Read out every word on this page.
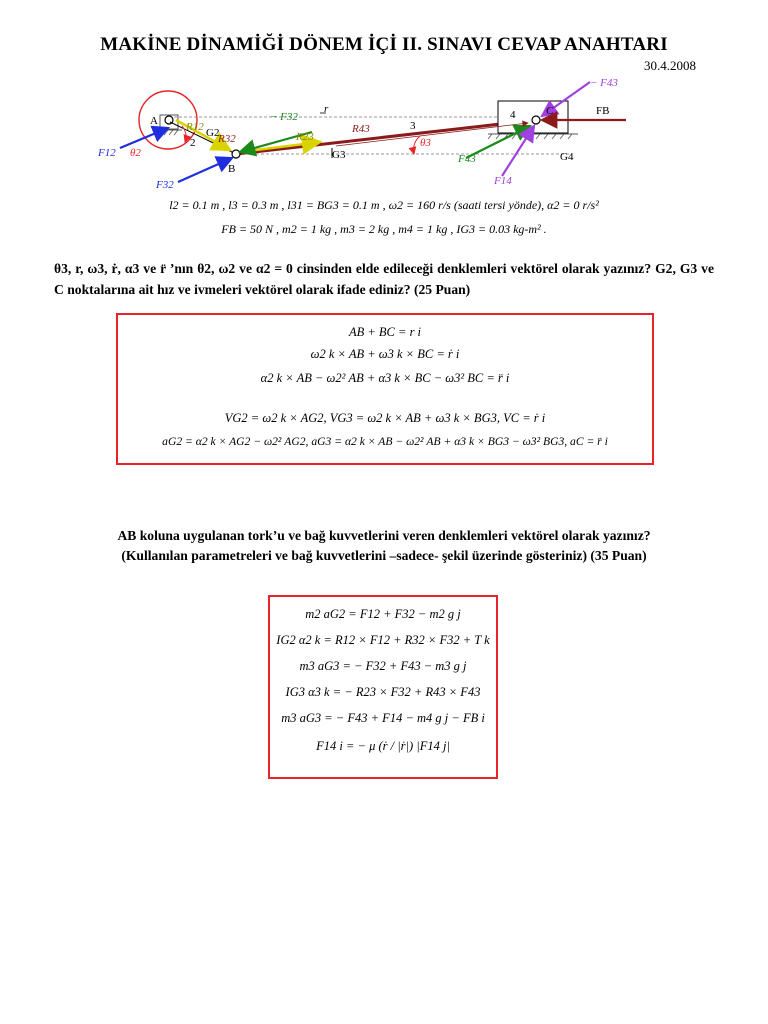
MAKİNE DİNAMİĞİ DÖNEM İÇİ II. SINAVI CEVAP ANAHTARI
30.4.2008
A
B
C
G2
G3	G4
2
3
4
r
θ2
θ3
F12
F32
− F32
R12
R32	R23
R43
F43
− F43
F14
FB
l2 = 0.1 m , l3 = 0.3 m , l31 = BG3 = 0.1 m , ω2 = 160 r/s (saati tersi yönde), α2 = 0 r/s²
FB = 50 N , m2 = 1 kg , m3 = 2 kg , m4 = 1 kg , IG3 = 0.03 kg-m² .
θ3, r, ω3, ṙ, α3 ve r̈ ’nın θ2, ω2 ve α2 = 0 cinsinden elde edileceği denklemleri vektörel olarak yazınız? G2, G3 ve C noktalarına ait hız ve ivmeleri vektörel olarak ifade ediniz? (25 Puan)
AB + BC = r i
ω2 k × AB + ω3 k × BC = ṙ i
α2 k × AB − ω2² AB + α3 k × BC − ω3² BC = r̈ i
VG2 = ω2 k × AG2, VG3 = ω2 k × AB + ω3 k × BG3, VC = ṙ i
aG2 = α2 k × AG2 − ω2² AG2, aG3 = α2 k × AB − ω2² AB + α3 k × BG3 − ω3² BG3, aC = r̈ i
AB koluna uygulanan tork’u ve bağ kuvvetlerini veren denklemleri vektörel olarak yazınız?
(Kullanılan parametreleri ve bağ kuvvetlerini –sadece- şekil üzerinde gösteriniz) (35 Puan)
m2 aG2 = F12 + F32 − m2 g j
IG2 α2 k = R12 × F12 + R32 × F32 + T k
m3 aG3 = − F32 + F43 − m3 g j
IG3 α3 k = − R23 × F32 + R43 × F43
m3 aG3 = − F43 + F14 − m4 g j − FB i
F14 i = − μ (ṙ / |ṙ|) |F14 j|
